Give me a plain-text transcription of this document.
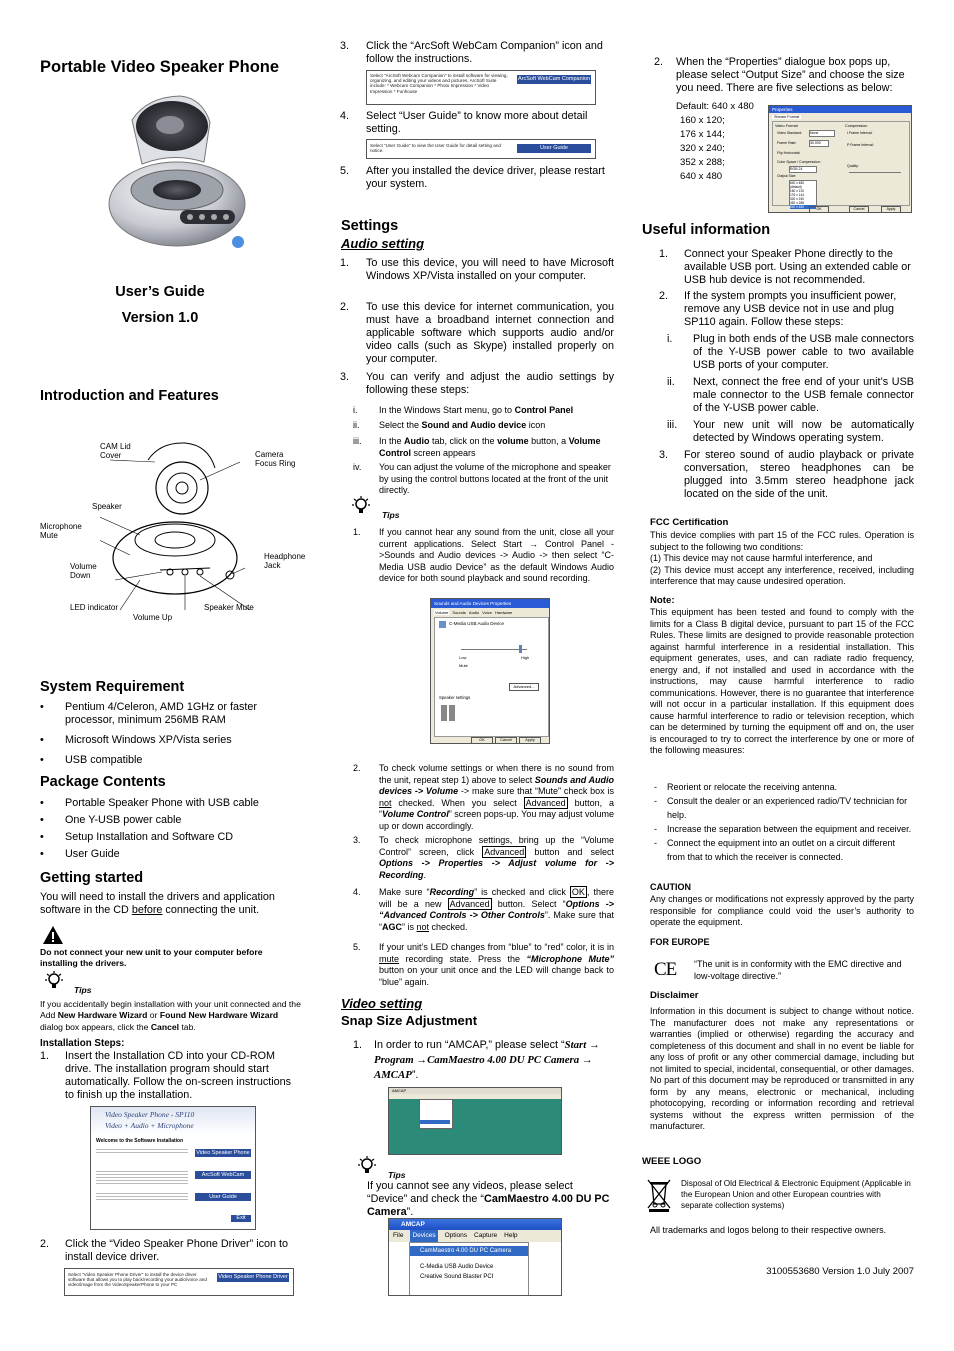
Portable Video Speaker Phone
User’s Guide
Version 1.0
Introduction and Features
CAM Lid Cover	Camera Focus Ring
Speaker
Microphone Mute
Headphone Jack
Volume Down
LED indicator	Speaker Mute
Volume Up
System Requirement
• Pentium 4/Celeron, AMD 1GHz or faster processor, minimum 256MB RAM
• Microsoft Windows XP/Vista series
• USB compatible
Package Contents
• Portable Speaker Phone with USB cable
• One Y-USB power cable
• Setup Installation and Software CD
• User Guide
Getting started
You will need to install the drivers and application software in the CD before connecting the unit.
Do not connect your new unit to your computer before installing the drivers.
Tips
If you accidentally begin installation with your unit connected and the Add New Hardware Wizard or Found New Hardware Wizard dialog box appears, click the Cancel tab.
Installation Steps:
1.	Insert the Installation CD into your CD-ROM drive. The installation program should start automatically. Follow the on-screen instructions to finish up the installation.
Video Speaker Phone - SP110
Video + Audio + Microphone
Welcome to the Software Installation
Video Speaker Phone Driver
ArcSoft WebCam Companion
User Guide
Exit
2.	Click the “Video Speaker Phone Driver” icon to install device driver.
Select "Video Speaker Phone Driver" to install the device driver software that allows you to play back/recording your audio/voice and video/image from the VideoSpeakerPhone to your PC
Video Speaker Phone Driver
3.	Click the “ArcSoft WebCam Companion” icon and follow the instructions.
Select "ArcSoft Webcam Companion" to install software for viewing, organizing, and editing your videos and pictures. ArcSoft Suite include: * Webcam Companion * Photo Impression * Video Impression * Funhouse
ArcSoft WebCam Companion
4.	Select “User Guide” to know more about detail setting.
Select "User Guide" to view the User Guide for detail setting and notice.	User Guide
5.	After you installed the device driver, please restart your system.
Settings
Audio setting
1.	To use this device, you will need to have Microsoft Windows XP/Vista installed on your computer.
2.	To use this device for internet communication, you must have a broadband internet connection and applicable software which supports audio and/or video calls (such as Skype) installed properly on your computer.
3.	You can verify and adjust the audio settings by following these steps:
i.	In the Windows Start menu, go to Control Panel
ii.	Select the Sound and Audio device icon
iii.	In the Audio tab, click on the volume button, a Volume Control screen appears
iv.	You can adjust the volume of the microphone and speaker by using the control buttons located at the front of the unit directly.
Tips
1.	If you cannot hear any sound from the unit, close all your current applications. Select Start → Control Panel ->Sounds and Audio devices -> Audio -> then select “C-Media USB audio Device” as the default Windows Audio device for both sound playback and sound recording.
Sounds and Audio Devices Properties
Volume Sounds Audio Voice Hardware
C-Media USB Audio Device
Low	High
Mute
Advanced...
Speaker settings
OK	Cancel	Apply
2.	To check volume settings or when there is no sound from the unit, repeat step 1) above to select Sounds and Audio devices -> Volume -> make sure that “Mute” check box is not checked. When you select Advanced button, a “Volume Control” screen pops-up. You may adjust volume up or down accordingly.
3.	To check microphone settings, bring up the “Volume Control” screen, click Advanced button and select Options -> Properties -> Adjust volume for -> Recording.
4.	Make sure “Recording” is checked and click OK , there will be a new Advanced button. Select “Options -> “Advanced Controls -> Other Controls”. Make sure that “AGC” is not checked.
5.	If your unit’s LED changes from “blue” to “red” color, it is in mute recording state. Press the “Microphone Mute” button on your unit once and the LED will change back to “blue” again.
Video setting
Snap Size Adjustment
1.	In order to run “AMCAP,” please select “Start → Program →CamMaestro 4.00 DU PC Camera → AMCAP”.
AMCAP
Tips
If you cannot see any videos, please select “Device” and check the “CamMaestro 4.00 DU PC Camera”.
AMCAP
File	Devices	Options Capture Help
CamMaestro 4.00 DU PC Camera
C-Media USB Audio Device
Creative Sound Blaster PCI
2.	When the “Properties” dialogue box pops up, please select “Output Size” and choose the size you need. There are five selections as below:
Default: 640 x 480
160 x 120;
176 x 144;
320 x 240;
352 x 288;
640 x 480
Properties
Stream Format
Video Format
Video Standard: None
Frame Rate:	30.000
Flip Horizontal:
Color Space / Compression:
RGB 24
Output Size:
640 x 480 (default)
160 x 120
176 x 144
320 x 240
352 x 288
640 x 480
Compression
I Frame Interval:
P Frame Interval:
Quality:
OK	Cancel	Apply
Useful information
1.	Connect your Speaker Phone directly to the available USB port. Using an extended cable or USB hub device is not recommended.
2.	If the system prompts you insufficient power, remove any USB device not in use and plug SP110 again. Follow these steps:
i.	Plug in both ends of the USB male connectors of the Y-USB power cable to two available USB ports of your computer.
ii.	Next, connect the free end of your unit’s USB male connector to the USB female connector of the Y-USB power cable.
iii.	Your new unit will now be automatically detected by Windows operating system.
3.	For stereo sound of audio playback or private conversation, stereo headphones can be plugged into 3.5mm stereo headphone jack located on the side of the unit.
FCC Certification
This device complies with part 15 of the FCC rules. Operation is subject to the following two conditions:
(1) This device may not cause harmful interference, and
(2) This device must accept any interference, received, including interference that may cause undesired operation.
Note:
This equipment has been tested and found to comply with the limits for a Class B digital device, pursuant to part 15 of the FCC Rules. These limits are designed to provide reasonable protection against harmful interference in a residential installation. This equipment generates, uses, and can radiate radio frequency, energy and, if not installed and used in accordance with the instructions, may cause harmful interference to radio communications. However, there is no guarantee that interference will not occur in a particular installation. If this equipment does cause harmful interference to radio or television reception, which can be determined by turning the equipment off and on, the user is encouraged to try to correct the interference by one or more of the following measures:
- Reorient or relocate the receiving antenna.
- Consult the dealer or an experienced radio/TV technician for help.
- Increase the separation between the equipment and receiver.
- Connect the equipment into an outlet on a circuit different from that to which the receiver is connected.
CAUTION
Any changes or modifications not expressly approved by the party responsible for compliance could void the user’s authority to operate the equipment.
FOR EUROPE
CE “The unit is in conformity with the EMC directive and low-voltage directive.”
Disclaimer
Information in this document is subject to change without notice. The manufacturer does not make any representations or warranties (implied or otherwise) regarding the accuracy and completeness of this document and shall in no event be liable for any loss of profit or any other commercial damage, including but not limited to special, incidental, consequential, or other damages. No part of this document may be reproduced or transmitted in any form by any means, electronic or mechanical, including photocopying, recording or information recording and retrieval systems without the express written permission of the manufacturer.
WEEE LOGO
Disposal of Old Electrical & Electronic Equipment (Applicable in the European Union and other European countries with separate collection systems)
All trademarks and logos belong to their respective owners.
3100553680 Version 1.0 July 2007
